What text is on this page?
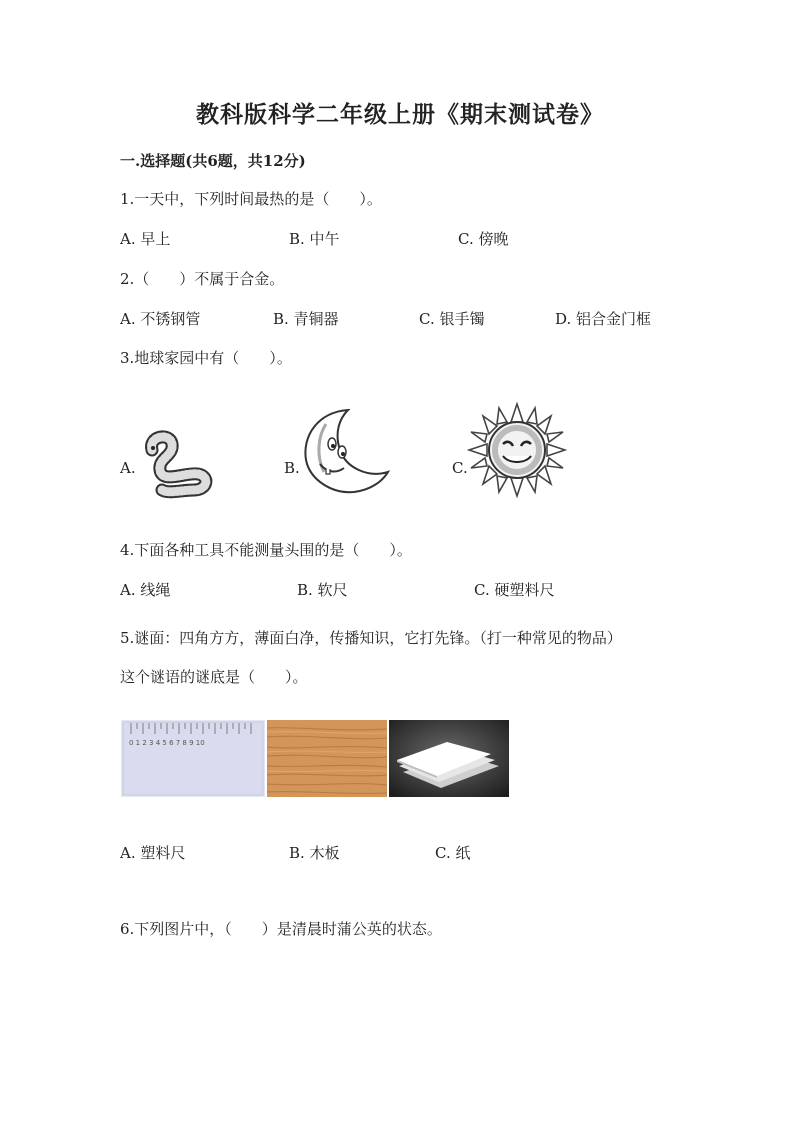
教科版科学二年级上册《期末测试卷》
一.选择题(共6题，共12分)
1.一天中，下列时间最热的是（　　）。
A. 早上	B. 中午	C. 傍晚
2.（　　）不属于合金。
A. 不锈钢管	B. 青铜器	C. 银手镯	D. 铝合金门框
3.地球家园中有（　　）。
A.	B.	C.
4.下面各种工具不能测量头围的是（　　）。
A. 线绳	B. 软尺	C. 硬塑料尺
5.谜面：四角方方，薄面白净，传播知识，它打先锋。（打一种常见的物品）
这个谜语的谜底是（　　）。
0 1 2 3 4 5 6 7 8 9 10
A. 塑料尺	B. 木板	C. 纸
6.下列图片中，（　　）是清晨时蒲公英的状态。
